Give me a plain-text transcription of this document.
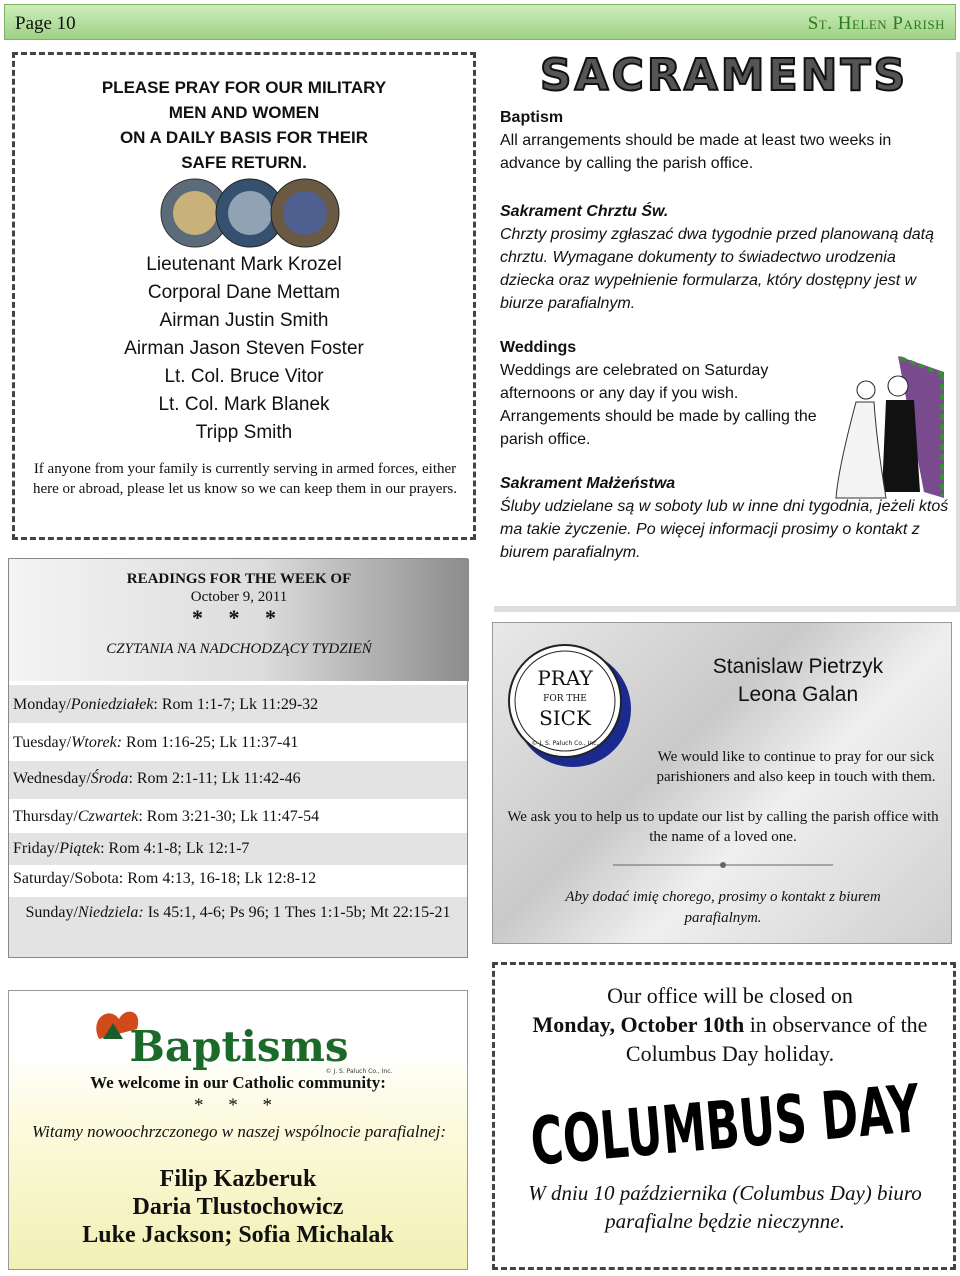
Page 10	St. Helen Parish
PLEASE PRAY FOR OUR MILITARY
MEN AND WOMEN
ON A DAILY BASIS FOR THEIR
SAFE RETURN.
Lieutenant Mark Krozel
Corporal Dane Mettam
Airman Justin Smith
Airman Jason Steven Foster
Lt. Col. Bruce Vitor
Lt. Col. Mark Blanek
Tripp Smith
If anyone from your family is currently serving in armed forces, either here or abroad, please let us know so we can keep them in our prayers.
READINGS FOR THE WEEK OF
October 9, 2011
* * *
CZYTANIA NA NADCHODZĄCY TYDZIEŃ
Monday/Poniedziałek: Rom 1:1-7; Lk 11:29-32
Tuesday/Wtorek: Rom 1:16-25; Lk 11:37-41
Wednesday/Środa: Rom 2:1-11; Lk 11:42-46
Thursday/Czwartek: Rom 3:21-30; Lk 11:47-54
Friday/Piątek: Rom 4:1-8; Lk 12:1-7
Saturday/Sobota: Rom 4:13, 16-18; Lk 12:8-12
Sunday/Niedziela: Is 45:1, 4-6; Ps 96; 1 Thes 1:1-5b; Mt 22:15-21
SACRAMENTS
Baptism
All arrangements should be made at least two weeks in advance by calling the parish office.
Sakrament Chrztu Św.
Chrzty prosimy zgłaszać dwa tygodnie przed planowaną datą chrztu. Wymagane dokumenty to świadectwo urodzenia dziecka oraz wypełnienie formularza, który dostępny jest w biurze parafialnym.
Weddings
Weddings are celebrated on Saturday afternoons or any day if you wish. Arrangements should be made by calling the parish office.
Sakrament Małżeństwa
Śluby udzielane są w soboty lub w inne dni tygodnia, jeżeli ktoś ma takie życzenie. Po więcej informacji prosimy o kontakt z biurem parafialnym.
PRAY
FOR THE
SICK
© J. S. Paluch Co., Inc.
Stanislaw Pietrzyk
Leona Galan
We would like to continue to pray for our sick parishioners and also keep in touch with them.
We ask you to help us to update our list by calling the parish office with the name of a loved one.
Aby dodać imię chorego, prosimy o kontakt z biurem parafialnym.
Our office will be closed on
Monday, October 10th in observance of the Columbus Day holiday.
COLUMBUS DAY
W dniu 10 października (Columbus Day) biuro parafialne będzie nieczynne.
Baptisms
© J. S. Paluch Co., Inc.
We welcome in our Catholic community:
* * *
Witamy nowoochrzczonego w naszej wspólnocie parafialnej:
Filip Kazberuk
Daria Tlustochowicz
Luke Jackson; Sofia Michalak
